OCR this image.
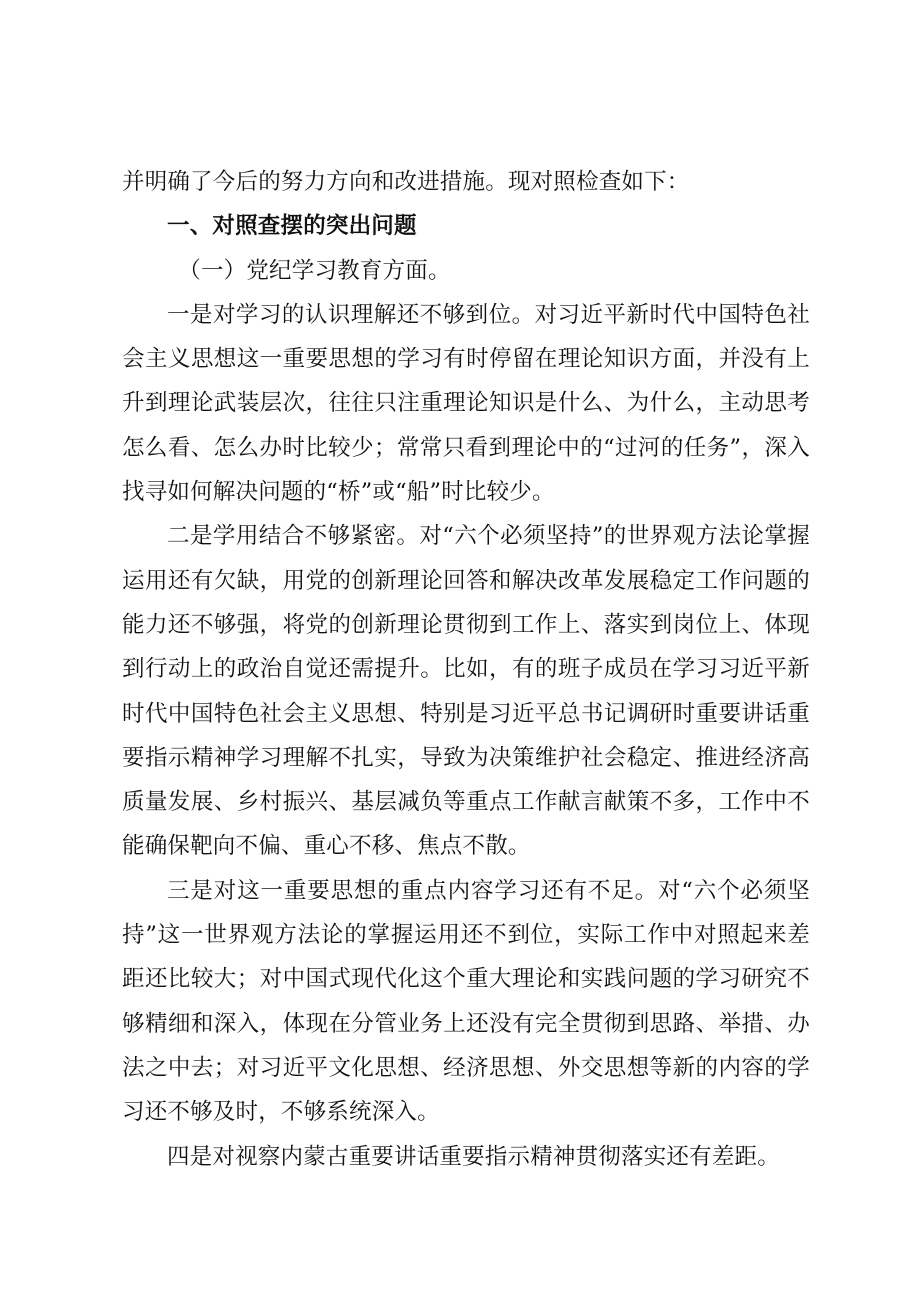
并明确了今后的努力方向和改进措施。现对照检查如下：

一、对照查摆的突出问题

（一）党纪学习教育方面。

一是对学习的认识理解还不够到位。对习近平新时代中国特色社会主义思想这一重要思想的学习有时停留在理论知识方面，并没有上升到理论武装层次，往往只注重理论知识是什么、为什么，主动思考怎么看、怎么办时比较少；常常只看到理论中的“过河的任务”，深入找寻如何解决问题的“桥”或“船”时比较少。

二是学用结合不够紧密。对“六个必须坚持”的世界观方法论掌握运用还有欠缺，用党的创新理论回答和解决改革发展稳定工作问题的能力还不够强，将党的创新理论贯彻到工作上、落实到岗位上、体现到行动上的政治自觉还需提升。比如，有的班子成员在学习习近平新时代中国特色社会主义思想、特别是习近平总书记调研时重要讲话重要指示精神学习理解不扎实，导致为决策维护社会稳定、推进经济高质量发展、乡村振兴、基层减负等重点工作献言献策不多，工作中不能确保靶向不偏、重心不移、焦点不散。

三是对这一重要思想的重点内容学习还有不足。对“六个必须坚持”这一世界观方法论的掌握运用还不到位，实际工作中对照起来差距还比较大；对中国式现代化这个重大理论和实践问题的学习研究不够精细和深入，体现在分管业务上还没有完全贯彻到思路、举措、办法之中去；对习近平文化思想、经济思想、外交思想等新的内容的学习还不够及时，不够系统深入。

四是对视察内蒙古重要讲话重要指示精神贯彻落实还有差距。
